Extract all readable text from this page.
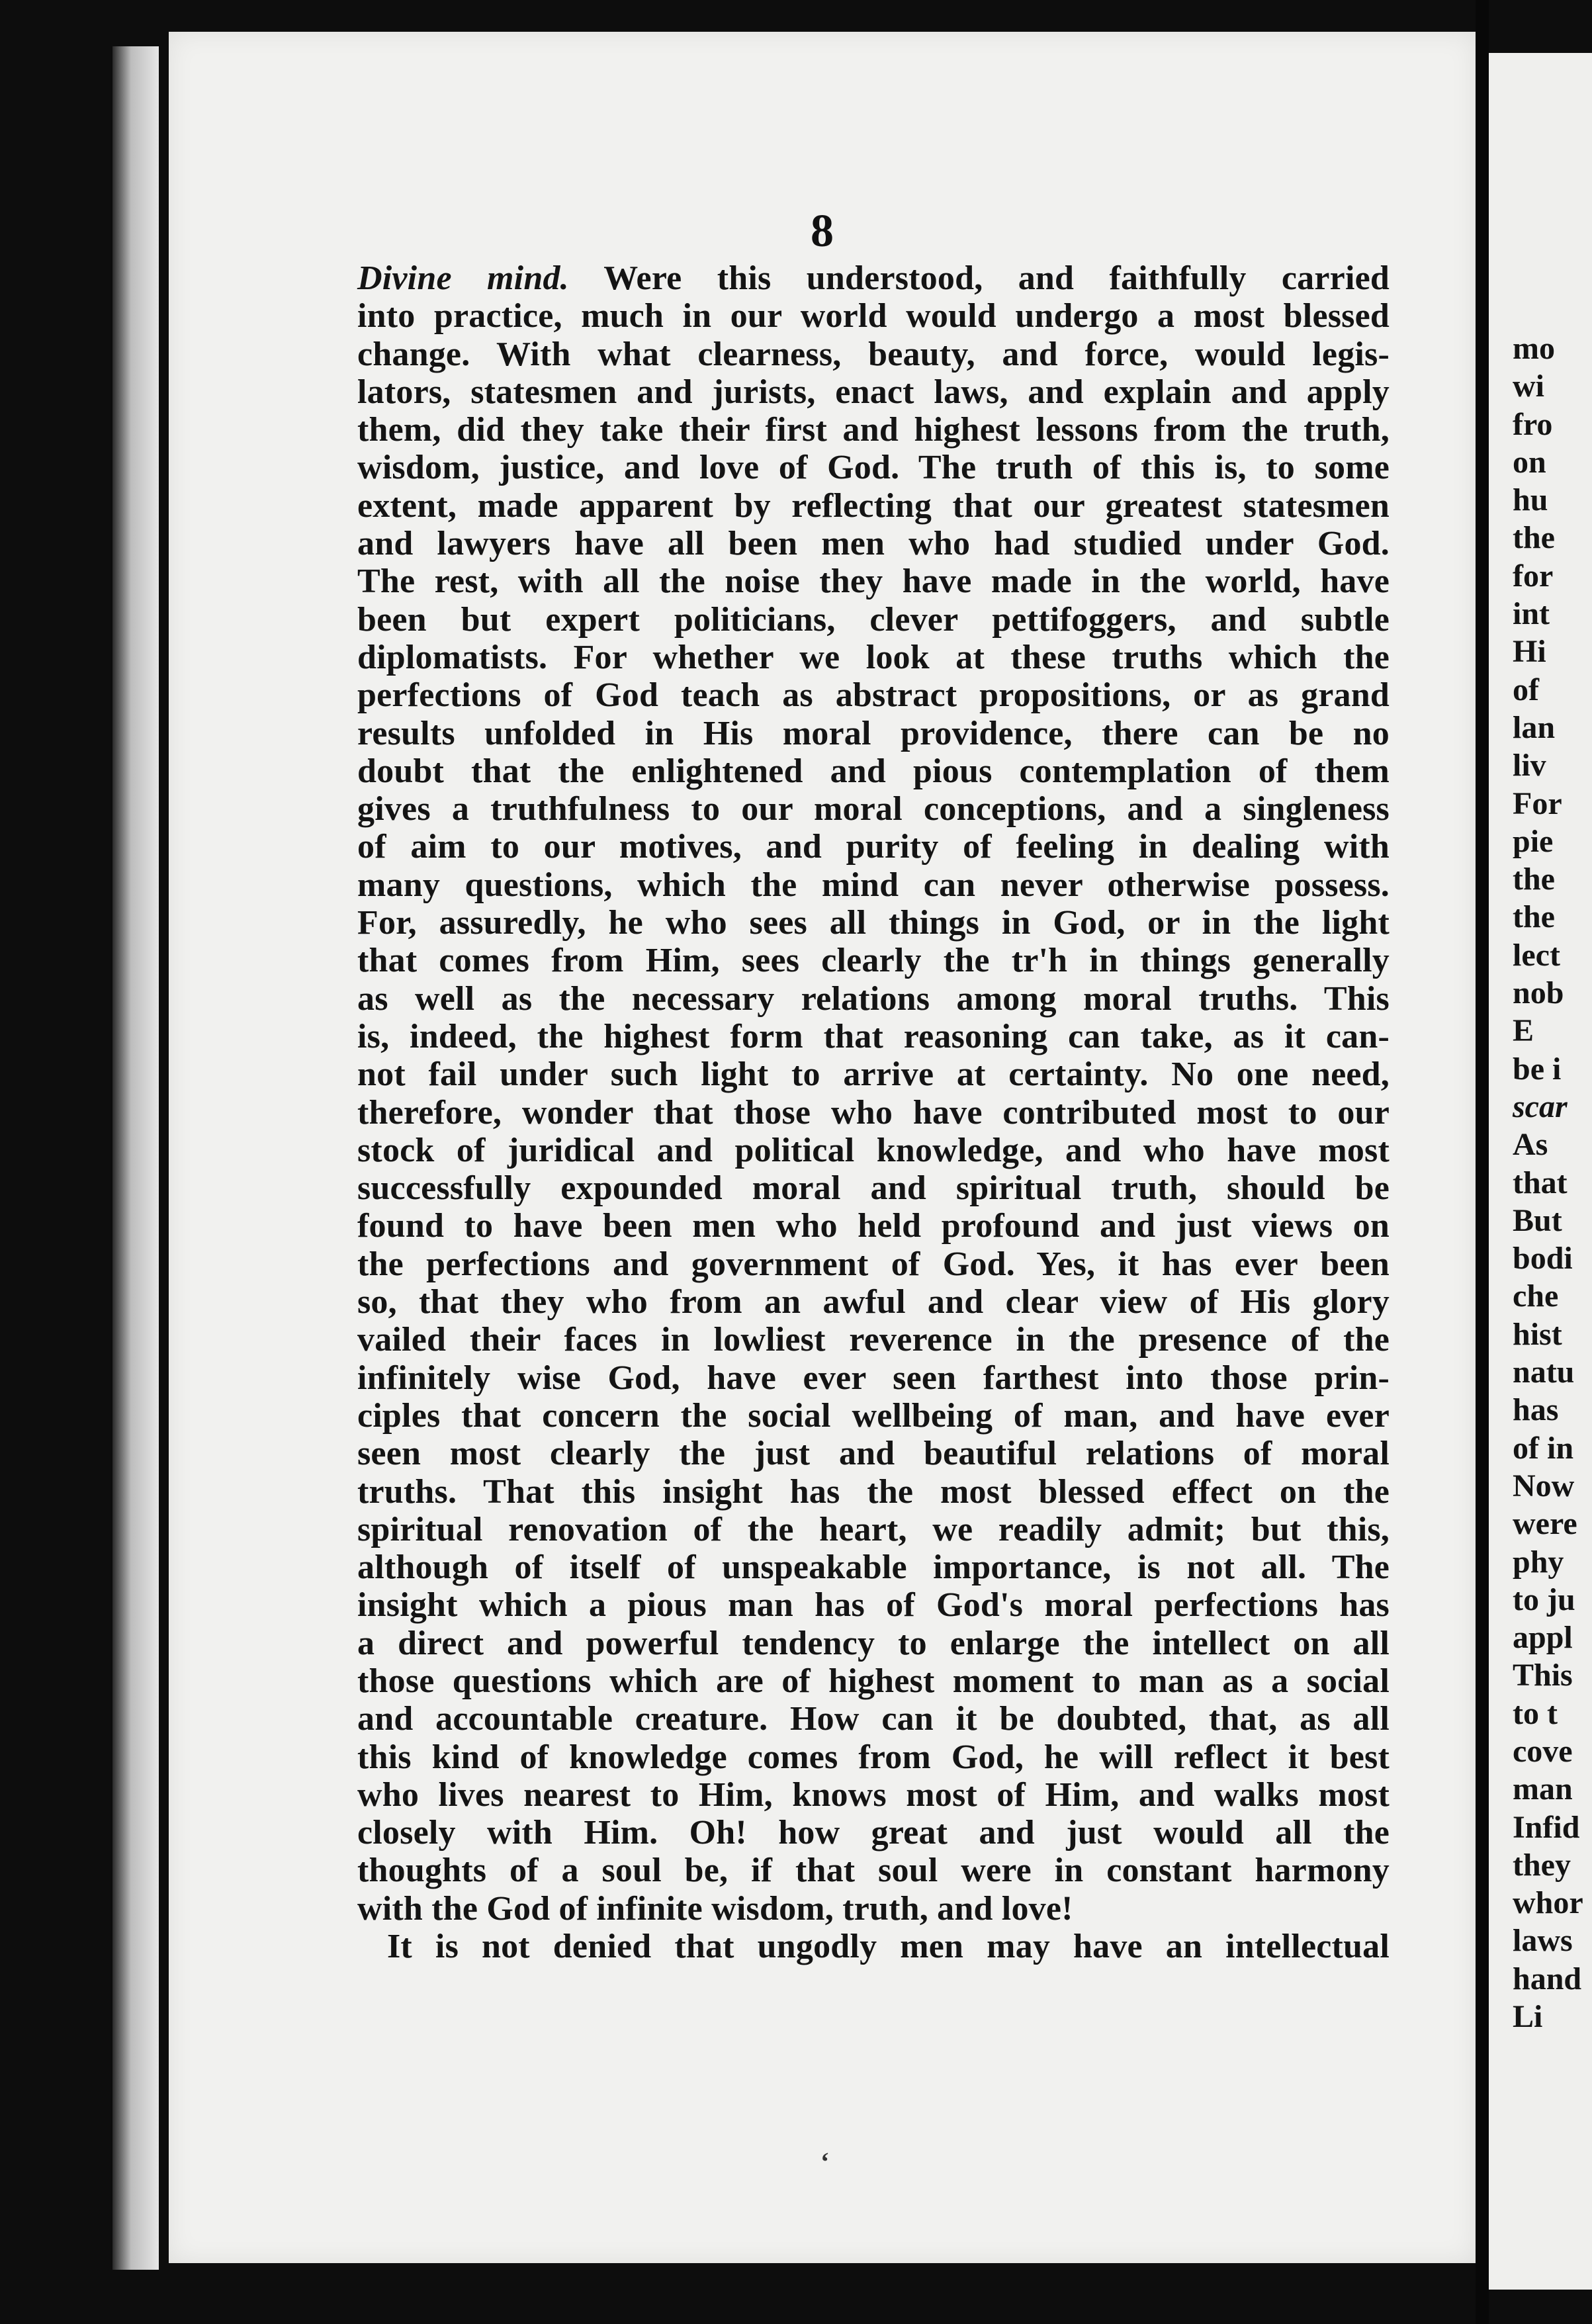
8
‘
Divine mind. Were this understood, and faithfully carried
into practice, much in our world would undergo a most blessed
change. With what clearness, beauty, and force, would legis-
lators, statesmen and jurists, enact laws, and explain and apply
them, did they take their first and highest lessons from the truth,
wisdom, justice, and love of God. The truth of this is, to some
extent, made apparent by reflecting that our greatest statesmen
and lawyers have all been men who had studied under God.
The rest, with all the noise they have made in the world, have
been but expert politicians, clever pettifoggers, and subtle
diplomatists. For whether we look at these truths which the
perfections of God teach as abstract propositions, or as grand
results unfolded in His moral providence, there can be no
doubt that the enlightened and pious contemplation of them
gives a truthfulness to our moral conceptions, and a singleness
of aim to our motives, and purity of feeling in dealing with
many questions, which the mind can never otherwise possess.
For, assuredly, he who sees all things in God, or in the light
that comes from Him, sees clearly the tr'h in things generally
as well as the necessary relations among moral truths. This
is, indeed, the highest form that reasoning can take, as it can-
not fail under such light to arrive at certainty. No one need,
therefore, wonder that those who have contributed most to our
stock of juridical and political knowledge, and who have most
successfully expounded moral and spiritual truth, should be
found to have been men who held profound and just views on
the perfections and government of God. Yes, it has ever been
so, that they who from an awful and clear view of His glory
vailed their faces in lowliest reverence in the presence of the
infinitely wise God, have ever seen farthest into those prin-
ciples that concern the social wellbeing of man, and have ever
seen most clearly the just and beautiful relations of moral
truths. That this insight has the most blessed effect on the
spiritual renovation of the heart, we readily admit; but this,
although of itself of unspeakable importance, is not all. The
insight which a pious man has of God's moral perfections has
a direct and powerful tendency to enlarge the intellect on all
those questions which are of highest moment to man as a social
and accountable creature. How can it be doubted, that, as all
this kind of knowledge comes from God, he will reflect it best
who lives nearest to Him, knows most of Him, and walks most
closely with Him. Oh! how great and just would all the
thoughts of a soul be, if that soul were in constant harmony
with the God of infinite wisdom, truth, and love!
It is not denied that ungodly men may have an intellectual
mo
wi
fro
on
hu
the
for
int
Hi
of
lan
liv
For
pie
the
the
lect
nob
E
be i
scar
As
that
But
bodi
che
hist
natu
has
of in
Now
were
phy
to ju
appl
This
to t
cove
man
Infid
they
whor
laws
hand
Li
